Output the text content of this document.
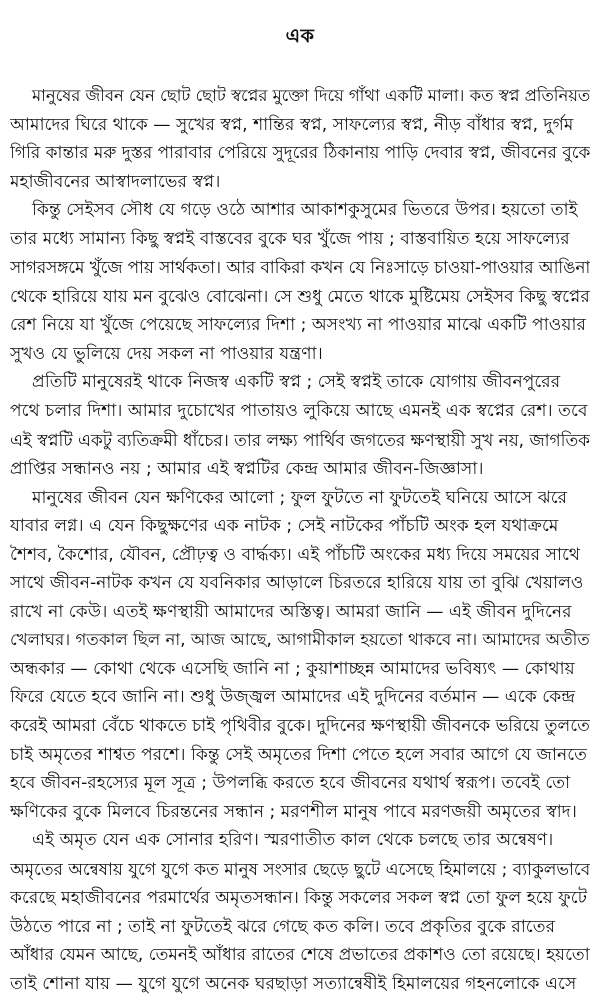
এক

মানুষের জীবন যেন ছোট ছোট স্বপ্নের মুক্তো দিয়ে গাঁথা একটি মালা। কত স্বপ্ন প্রতিনিয়ত
আমাদের ঘিরে থাকে — সুখের স্বপ্ন, শান্তির স্বপ্ন, সাফল্যের স্বপ্ন, নীড় বাঁধার স্বপ্ন, দুর্গম
গিরি কান্তার মরু দুস্তর পারাবার পেরিয়ে সুদূরের ঠিকানায় পাড়ি দেবার স্বপ্ন, জীবনের বুকে
মহাজীবনের আস্বাদলাভের স্বপ্ন।

কিন্তু সেইসব সৌধ যে গড়ে ওঠে আশার আকাশকুসুমের ভিতরে উপর। হয়তো তাই
তার মধ্যে সামান্য কিছু স্বপ্নই বাস্তবের বুকে ঘর খুঁজে পায় ; বাস্তবায়িত হয়ে সাফল্যের
সাগরসঙ্গমে খুঁজে পায় সার্থকতা। আর বাকিরা কখন যে নিঃসাড়ে চাওয়া-পাওয়ার আঙিনা
থেকে হারিয়ে যায় মন বুঝেও বোঝেনা। সে শুধু মেতে থাকে মুষ্টিমেয় সেইসব কিছু স্বপ্নের
রেশ নিয়ে যা খুঁজে পেয়েছে সাফল্যের দিশা ; অসংখ্য না পাওয়ার মাঝে একটি পাওয়ার
সুখও যে ভুলিয়ে দেয় সকল না পাওয়ার যন্ত্রণা।

প্রতিটি মানুষেরই থাকে নিজস্ব একটি স্বপ্ন ; সেই স্বপ্নই তাকে যোগায় জীবনপুরের
পথে চলার দিশা। আমার দুচোখের পাতায়ও লুকিয়ে আছে এমনই এক স্বপ্নের রেশ। তবে
এই স্বপ্নটি একটু ব্যতিক্রমী ধাঁচের। তার লক্ষ্য পার্থিব জগতের ক্ষণস্থায়ী সুখ নয়, জাগতিক
প্রাপ্তির সন্ধানও নয় ; আমার এই স্বপ্নটির কেন্দ্র আমার জীবন-জিজ্ঞাসা।

মানুষের জীবন যেন ক্ষণিকের আলো ; ফুল ফুটতে না ফুটতেই ঘনিয়ে আসে ঝরে
যাবার লগ্ন। এ যেন কিছুক্ষণের এক নাটক ; সেই নাটকের পাঁচটি অংক হল যথাক্রমে
শৈশব, কৈশোর, যৌবন, প্রৌঢ়ত্ব ও বার্দ্ধক্য। এই পাঁচটি অংকের মধ্য দিয়ে সময়ের সাথে
সাথে জীবন-নাটক কখন যে যবনিকার আড়ালে চিরতরে হারিয়ে যায় তা বুঝি খেয়ালও
রাখে না কেউ। এতই ক্ষণস্থায়ী আমাদের অস্তিত্ব। আমরা জানি — এই জীবন দুদিনের
খেলাঘর। গতকাল ছিল না, আজ আছে, আগামীকাল হয়তো থাকবে না। আমাদের অতীত
অন্ধকার — কোথা থেকে এসেছি জানি না ; কুয়াশাচ্ছন্ন আমাদের ভবিষ্যৎ — কোথায়
ফিরে যেতে হবে জানি না। শুধু উজ্জ্বল আমাদের এই দুদিনের বর্তমান — একে কেন্দ্র
করেই আমরা বেঁচে থাকতে চাই পৃথিবীর বুকে। দুদিনের ক্ষণস্থায়ী জীবনকে ভরিয়ে তুলতে
চাই অমৃতের শাশ্বত পরশে। কিন্তু সেই অমৃতের দিশা পেতে হলে সবার আগে যে জানতে
হবে জীবন-রহস্যের মূল সূত্র ; উপলব্ধি করতে হবে জীবনের যথার্থ স্বরূপ। তবেই তো
ক্ষণিকের বুকে মিলবে চিরন্তনের সন্ধান ; মরণশীল মানুষ পাবে মরণজয়ী অমৃতের স্বাদ।

এই অমৃত যেন এক সোনার হরিণ। স্মরণাতীত কাল থেকে চলছে তার অন্বেষণ।
অমৃতের অন্বেষায় যুগে যুগে কত মানুষ সংসার ছেড়ে ছুটে এসেছে হিমালয়ে ; ব্যাকুলভাবে
করেছে মহাজীবনের পরমার্থের অমৃতসন্ধান। কিন্তু সকলের সকল স্বপ্ন তো ফুল হয়ে ফুটে
উঠতে পারে না ; তাই না ফুটতেই ঝরে গেছে কত কলি। তবে প্রকৃতির বুকে রাতের
আঁধার যেমন আছে, তেমনই আঁধার রাতের শেষে প্রভাতের প্রকাশও তো রয়েছে। হয়তো
তাই শোনা যায় — যুগে যুগে অনেক ঘরছাড়া সত্যান্বেষীই হিমালয়ের গহনলোকে এসে
